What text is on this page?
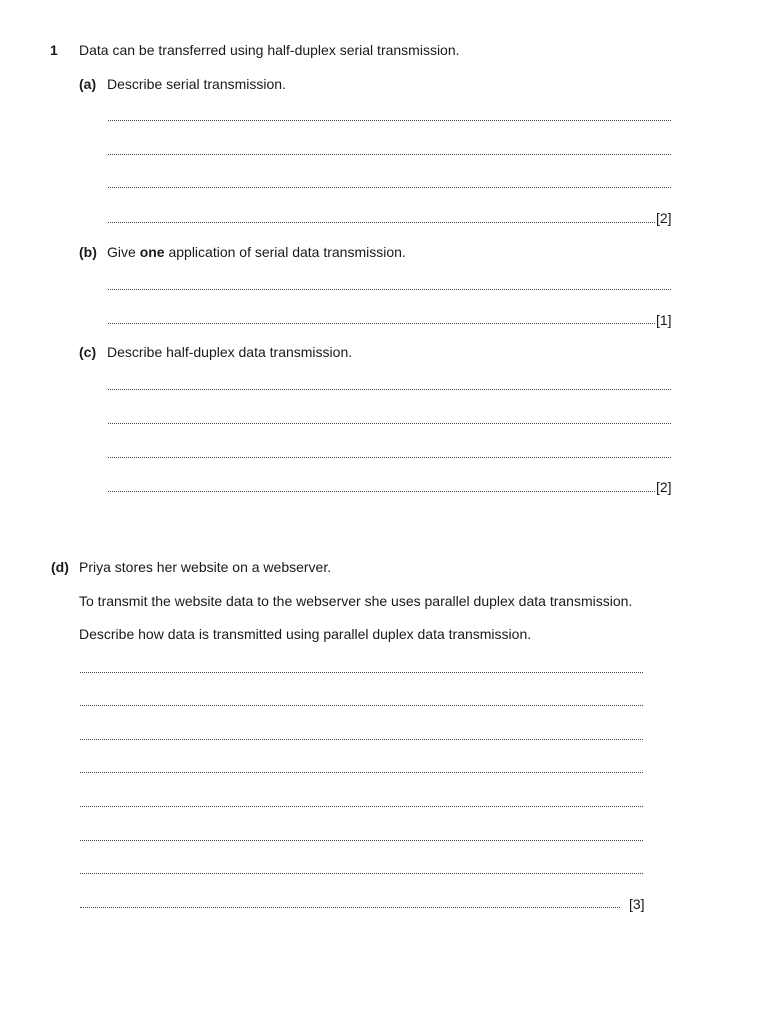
1 Data can be transferred using half-duplex serial transmission.
(a) Describe serial transmission.
[2]
(b) Give one application of serial data transmission.
[1]
(c) Describe half-duplex data transmission.
[2]
(d) Priya stores her website on a webserver.
To transmit the website data to the webserver she uses parallel duplex data transmission.
Describe how data is transmitted using parallel duplex data transmission.
[3]
